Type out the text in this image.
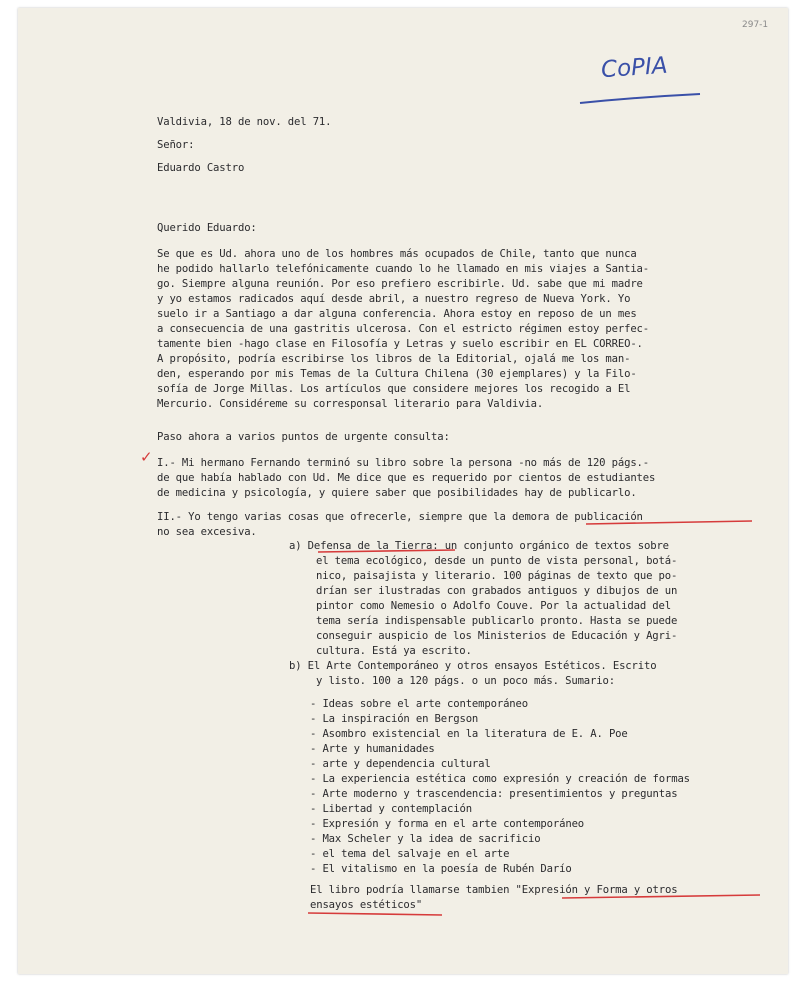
297-1
CoPIA
✓
Valdivia, 18 de nov. del 71.
Señor:
Eduardo Castro
Querido Eduardo:
Se que es Ud. ahora uno de los hombres más ocupados de Chile, tanto que nunca
he podido hallarlo telefónicamente cuando lo he llamado en mis viajes a Santia-
go. Siempre alguna reunión. Por eso prefiero escribirle. Ud. sabe que mi madre
y yo estamos radicados aquí desde abril, a nuestro regreso de Nueva York. Yo
suelo ir a Santiago a dar alguna conferencia. Ahora estoy en reposo de un mes
a consecuencia de una gastritis ulcerosa. Con el estricto régimen estoy perfec-
tamente bien -hago clase en Filosofía y Letras y suelo escribir en EL CORREO-.
A propósito, podría escribirse los libros de la Editorial, ojalá me los man-
den, esperando por mis Temas de la Cultura Chilena (30 ejemplares) y la Filo-
sofía de Jorge Millas. Los artículos que considere mejores los recogido a El
Mercurio. Considéreme su corresponsal literario para Valdivia.
Paso ahora a varios puntos de urgente consulta:
I.- Mi hermano Fernando terminó su libro sobre la persona -no más de 120 págs.-
de que había hablado con Ud. Me dice que es requerido por cientos de estudiantes
de medicina y psicología, y quiere saber que posibilidades hay de publicarlo.
II.- Yo tengo varias cosas que ofrecerle, siempre que la demora de publicación
no sea excesiva.
a) Defensa de la Tierra: un conjunto orgánico de textos sobre
el tema ecológico, desde un punto de vista personal, botá-
nico, paisajista y literario. 100 páginas de texto que po-
drían ser ilustradas con grabados antiguos y dibujos de un
pintor como Nemesio o Adolfo Couve. Por la actualidad del
tema sería indispensable publicarlo pronto. Hasta se puede
conseguir auspicio de los Ministerios de Educación y Agri-
cultura. Está ya escrito.
b) El Arte Contemporáneo y otros ensayos Estéticos. Escrito
y listo. 100 a 120 págs. o un poco más. Sumario:
- Ideas sobre el arte contemporáneo
- La inspiración en Bergson
- Asombro existencial en la literatura de E. A. Poe
- Arte y humanidades
- arte y dependencia cultural
- La experiencia estética como expresión y creación de formas
- Arte moderno y trascendencia: presentimientos y preguntas
- Libertad y contemplación
- Expresión y forma en el arte contemporáneo
- Max Scheler y la idea de sacrificio
- el tema del salvaje en el arte
- El vitalismo en la poesía de Rubén Darío
El libro podría llamarse tambien "Expresión y Forma y otros
ensayos estéticos"
